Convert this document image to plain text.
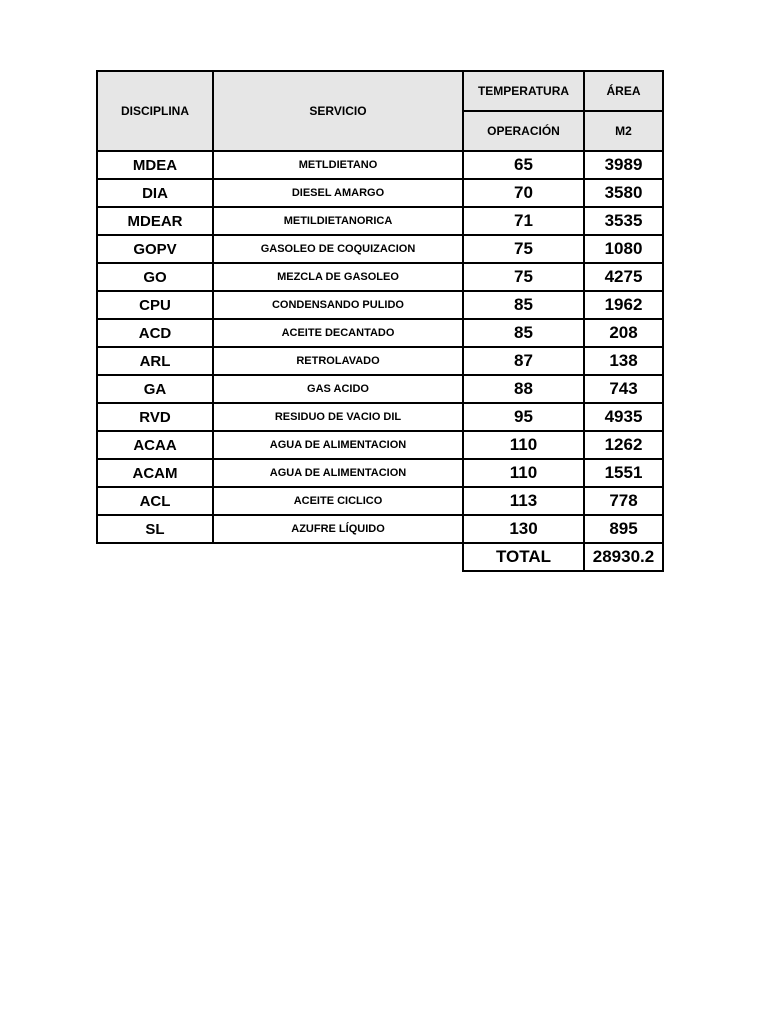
DISCIPLINA	SERVICIO	TEMPERATURA	ÁREA
		OPERACIÓN	M2
MDEA	METLDIETANO	65	3989
DIA	DIESEL AMARGO	70	3580
MDEAR	METILDIETANORICA	71	3535
GOPV	GASOLEO DE COQUIZACION	75	1080
GO	MEZCLA DE GASOLEO	75	4275
CPU	CONDENSANDO PULIDO	85	1962
ACD	ACEITE DECANTADO	85	208
ARL	RETROLAVADO	87	138
GA	GAS ACIDO	88	743
RVD	RESIDUO DE VACIO DIL	95	4935
ACAA	AGUA DE ALIMENTACION	110	1262
ACAM	AGUA DE ALIMENTACION	110	1551
ACL	ACEITE CICLICO	113	778
SL	AZUFRE LÍQUIDO	130	895
		TOTAL	28930.2
